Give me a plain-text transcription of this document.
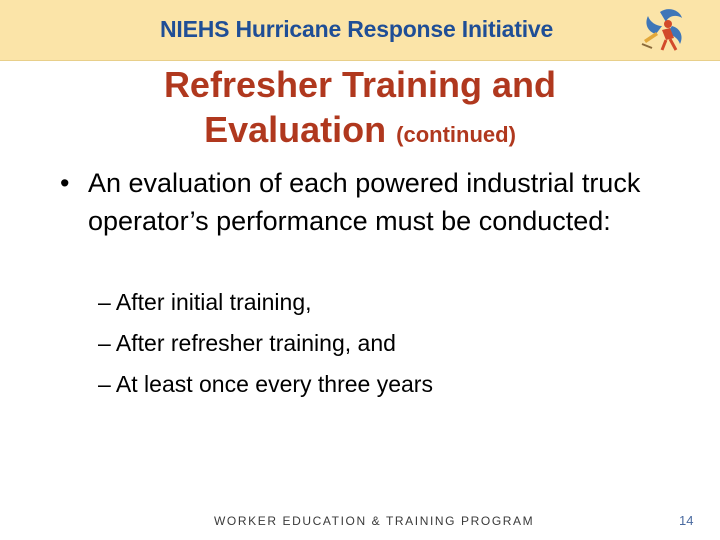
NIEHS Hurricane Response Initiative
Refresher Training and
Evaluation (continued)
• An evaluation of each powered industrial truck operator’s performance must be conducted:
– After initial training,
– After refresher training, and
– At least once every three years
WORKER EDUCATION & TRAINING PROGRAM	14
